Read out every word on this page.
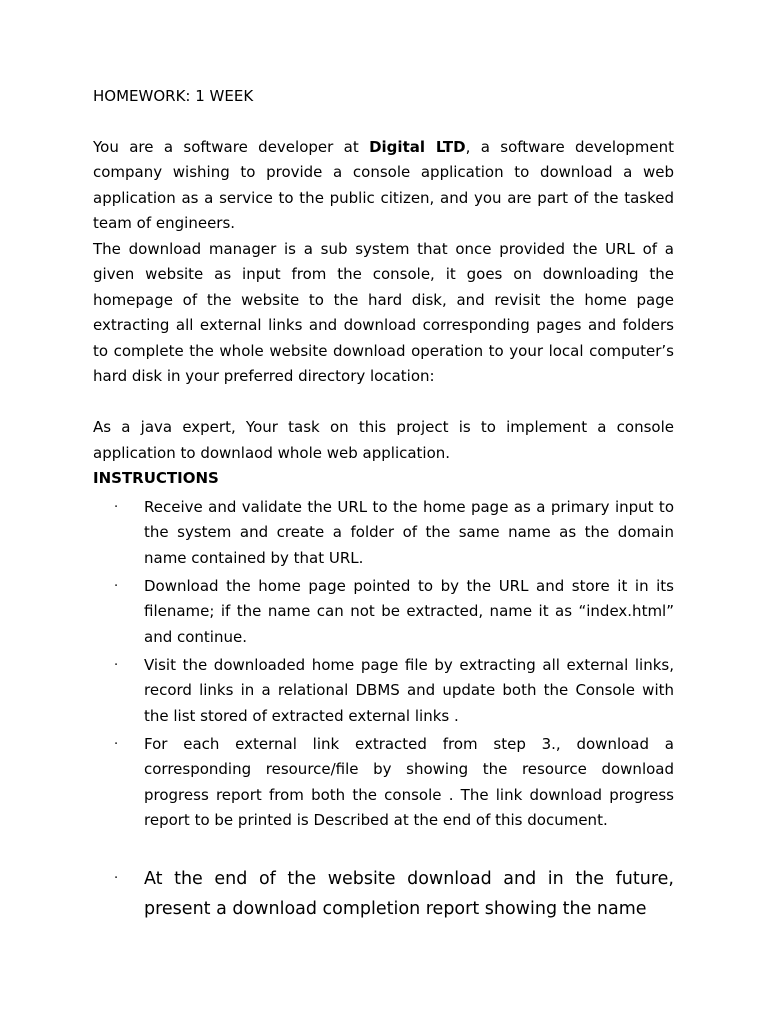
HOMEWORK: 1 WEEK

You are a software developer at Digital LTD, a software development company wishing to provide a console application to download a web application as a service to the public citizen, and you are part of the tasked team of engineers.

The download manager is a sub system that once provided the URL of a given website as input from the console, it goes on downloading the homepage of the website to the hard disk, and revisit the home page extracting all external links and download corresponding pages and folders to complete the whole website download operation to your local computer’s hard disk in your preferred directory location:

As a java expert, Your task on this project is to implement a console application to downlaod whole web application.

INSTRUCTIONS

· Receive and validate the URL to the home page as a primary input to the system and create a folder of the same name as the domain name contained by that URL.
· Download the home page pointed to by the URL and store it in its filename; if the name can not be extracted, name it as “index.html” and continue.
· Visit the downloaded home page file by extracting all external links, record links in a relational DBMS and update both the Console with the list stored of extracted external links .
· For each external link extracted from step 3., download a corresponding resource/file by showing the resource download progress report from both the console . The link download progress report to be printed is Described at the end of this document.
· At the end of the website download and in the future, present a download completion report showing the name
